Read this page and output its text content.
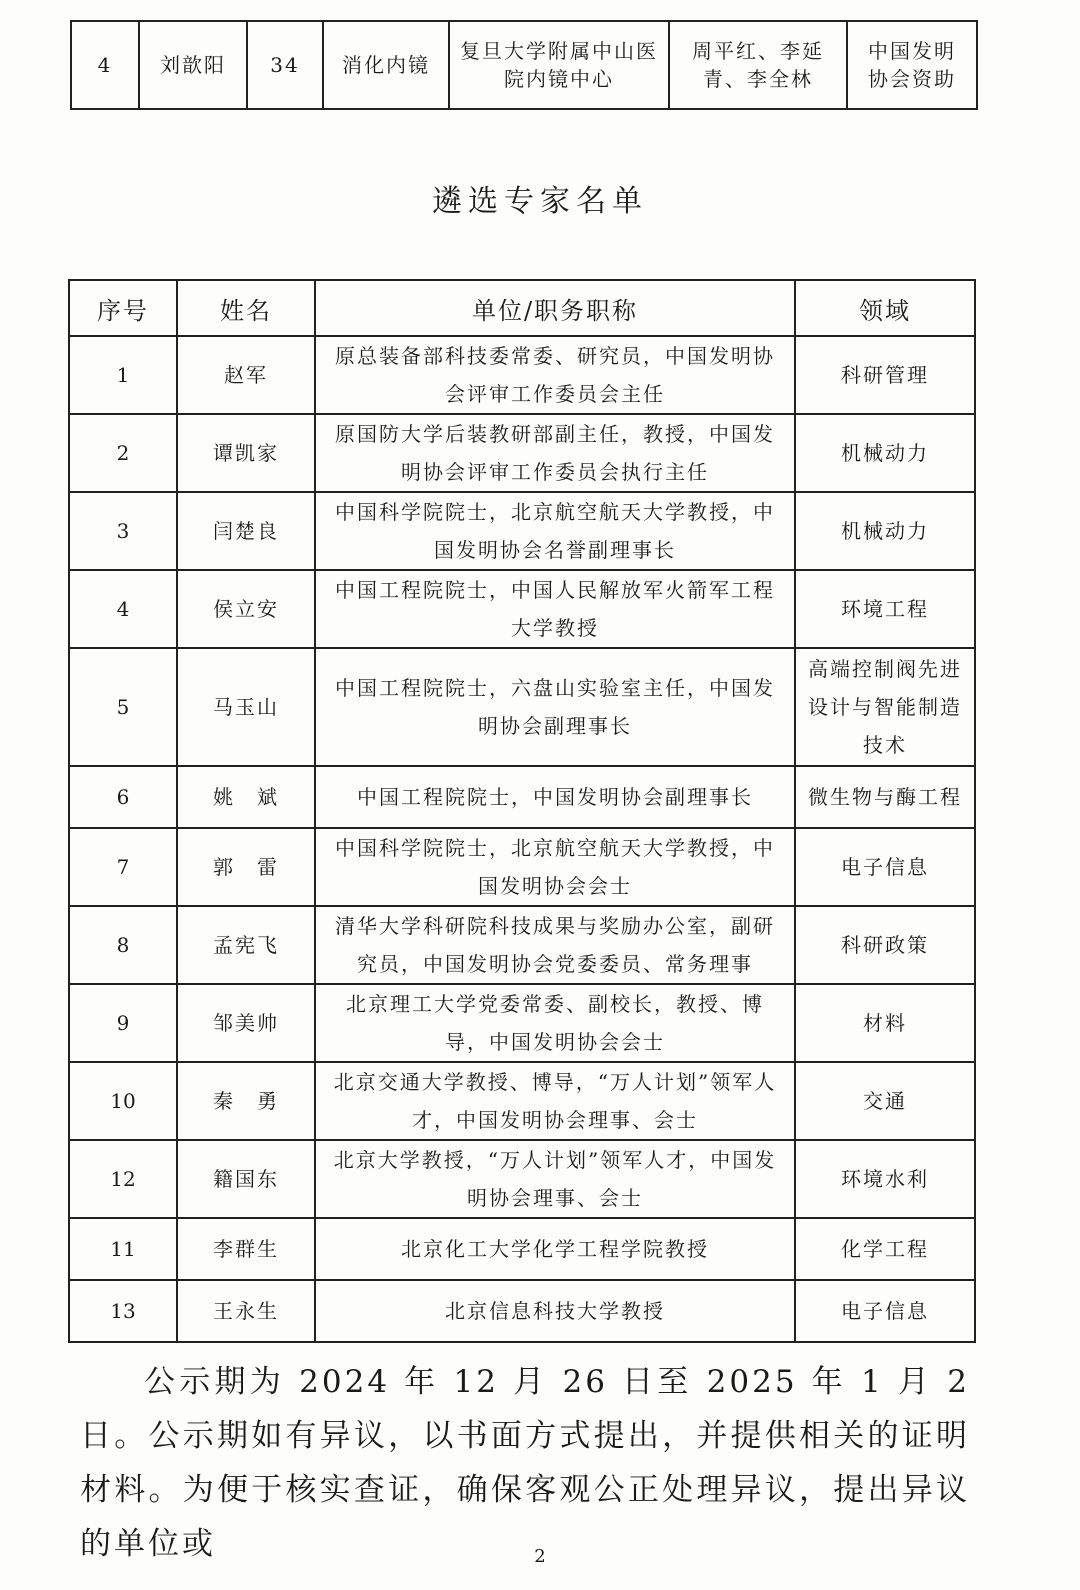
4	刘歆阳	34	消化内镜	复旦大学附属中山医院内镜中心	周平红、李延青、李全林	中国发明协会资助
遴选专家名单
序号	姓名	单位/职务职称	领域
1	赵军	原总装备部科技委常委、研究员，中国发明协会评审工作委员会主任	科研管理
2	谭凯家	原国防大学后装教研部副主任，教授，中国发明协会评审工作委员会执行主任	机械动力
3	闫楚良	中国科学院院士，北京航空航天大学教授，中国发明协会名誉副理事长	机械动力
4	侯立安	中国工程院院士，中国人民解放军火箭军工程大学教授	环境工程
5	马玉山	中国工程院院士，六盘山实验室主任，中国发明协会副理事长	高端控制阀先进设计与智能制造技术
6	姚　斌	中国工程院院士，中国发明协会副理事长	微生物与酶工程
7	郭　雷	中国科学院院士，北京航空航天大学教授，中国发明协会会士	电子信息
8	孟宪飞	清华大学科研院科技成果与奖励办公室，副研究员，中国发明协会党委委员、常务理事	科研政策
9	邹美帅	北京理工大学党委常委、副校长，教授、博导，中国发明协会会士	材料
10	秦　勇	北京交通大学教授、博导，“万人计划”领军人才，中国发明协会理事、会士	交通
12	籍国东	北京大学教授，“万人计划”领军人才，中国发明协会理事、会士	环境水利
11	李群生	北京化工大学化学工程学院教授	化学工程
13	王永生	北京信息科技大学教授	电子信息
公示期为 2024 年 12 月 26 日至 2025 年 1 月 2 日。公示期如有异议，以书面方式提出，并提供相关的证明材料。为便于核实查证，确保客观公正处理异议，提出异议的单位或	2
